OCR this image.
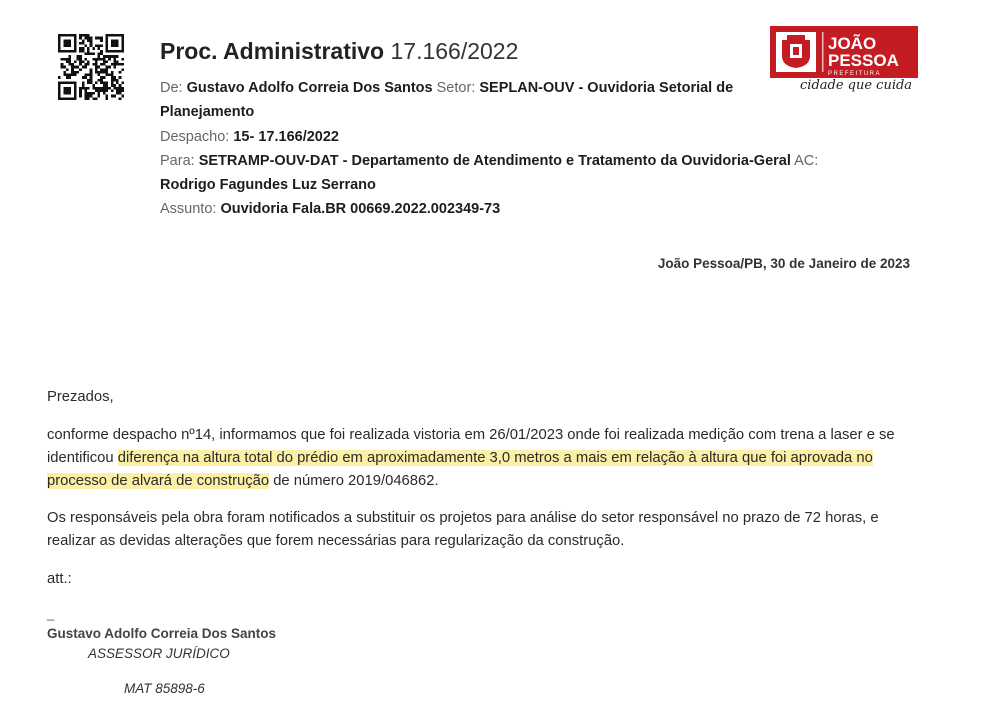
Proc. Administrativo 17.166/2022	JOÃO
PESSOA
PREFEITURA
cidade que cuida
De: Gustavo Adolfo Correia Dos Santos Setor: SEPLAN-OUV - Ouvidoria Setorial de
Planejamento
Despacho: 15- 17.166/2022
Para: SETRAMP-OUV-DAT - Departamento de Atendimento e Tratamento da Ouvidoria-Geral AC:
Rodrigo Fagundes Luz Serrano
Assunto: Ouvidoria Fala.BR 00669.2022.002349-73
João Pessoa/PB, 30 de Janeiro de 2023
Prezados,
conforme despacho nº14, informamos que foi realizada vistoria em 26/01/2023 onde foi realizada medição com trena a laser e se identificou diferença na altura total do prédio em aproximadamente 3,0 metros a mais em relação à altura que foi aprovada no processo de alvará de construção de número 2019/046862.
Os responsáveis pela obra foram notificados a substituir os projetos para análise do setor responsável no prazo de 72 horas, e realizar as devidas alterações que forem necessárias para regularização da construção.
att.:
_
Gustavo Adolfo Correia Dos Santos
ASSESSOR JURÍDICO
MAT 85898-6
